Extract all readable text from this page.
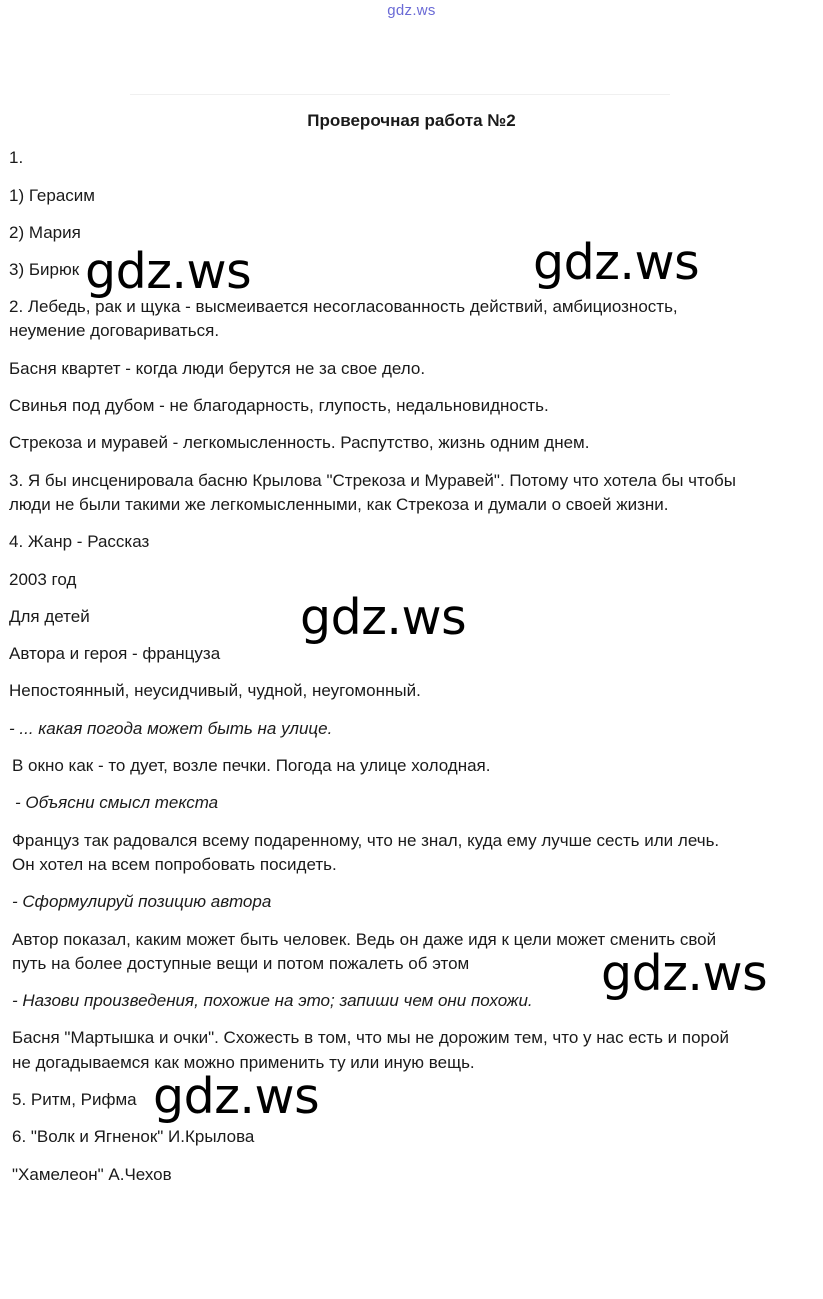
gdz.ws
Проверочная работа №2
1.
1) Герасим
2) Мария
3) Бирюк
2. Лебедь, рак и щука - высмеивается несогласованность действий, амбициозность,
неумение договариваться.
Басня квартет - когда люди берутся не за свое дело.
Свинья под дубом - не благодарность, глупость, недальновидность.
Стрекоза и муравей - легкомысленность. Распутство, жизнь одним днем.
3. Я бы инсценировала басню Крылова "Стрекоза и Муравей". Потому что хотела бы чтобы
люди не были такими же легкомысленными, как Стрекоза и думали о своей жизни.
4. Жанр - Рассказ
2003 год
Для детей
Автора и героя - француза
Непостоянный, неусидчивый, чудной, неугомонный.
- ... какая погода может быть на улице.
В окно как - то дует, возле печки. Погода на улице холодная.
- Объясни смысл текста
Француз так радовался всему подаренному, что не знал, куда ему лучше сесть или лечь.
Он хотел на всем попробовать посидеть.
- Сформулируй позицию автора
Автор показал, каким может быть человек. Ведь он даже идя к цели может сменить свой
путь на более доступные вещи и потом пожалеть об этом
- Назови произведения, похожие на это; запиши чем они похожи.
Басня "Мартышка и очки". Схожесть в том, что мы не дорожим тем, что у нас есть и порой
не догадываемся как можно применить ту или иную вещь.
5. Ритм, Рифма
6. "Волк и Ягненок" И.Крылова
"Хамелеон" А.Чехов
gdz.ws	gdz.ws
gdz.ws
gdz.ws
gdz.ws
